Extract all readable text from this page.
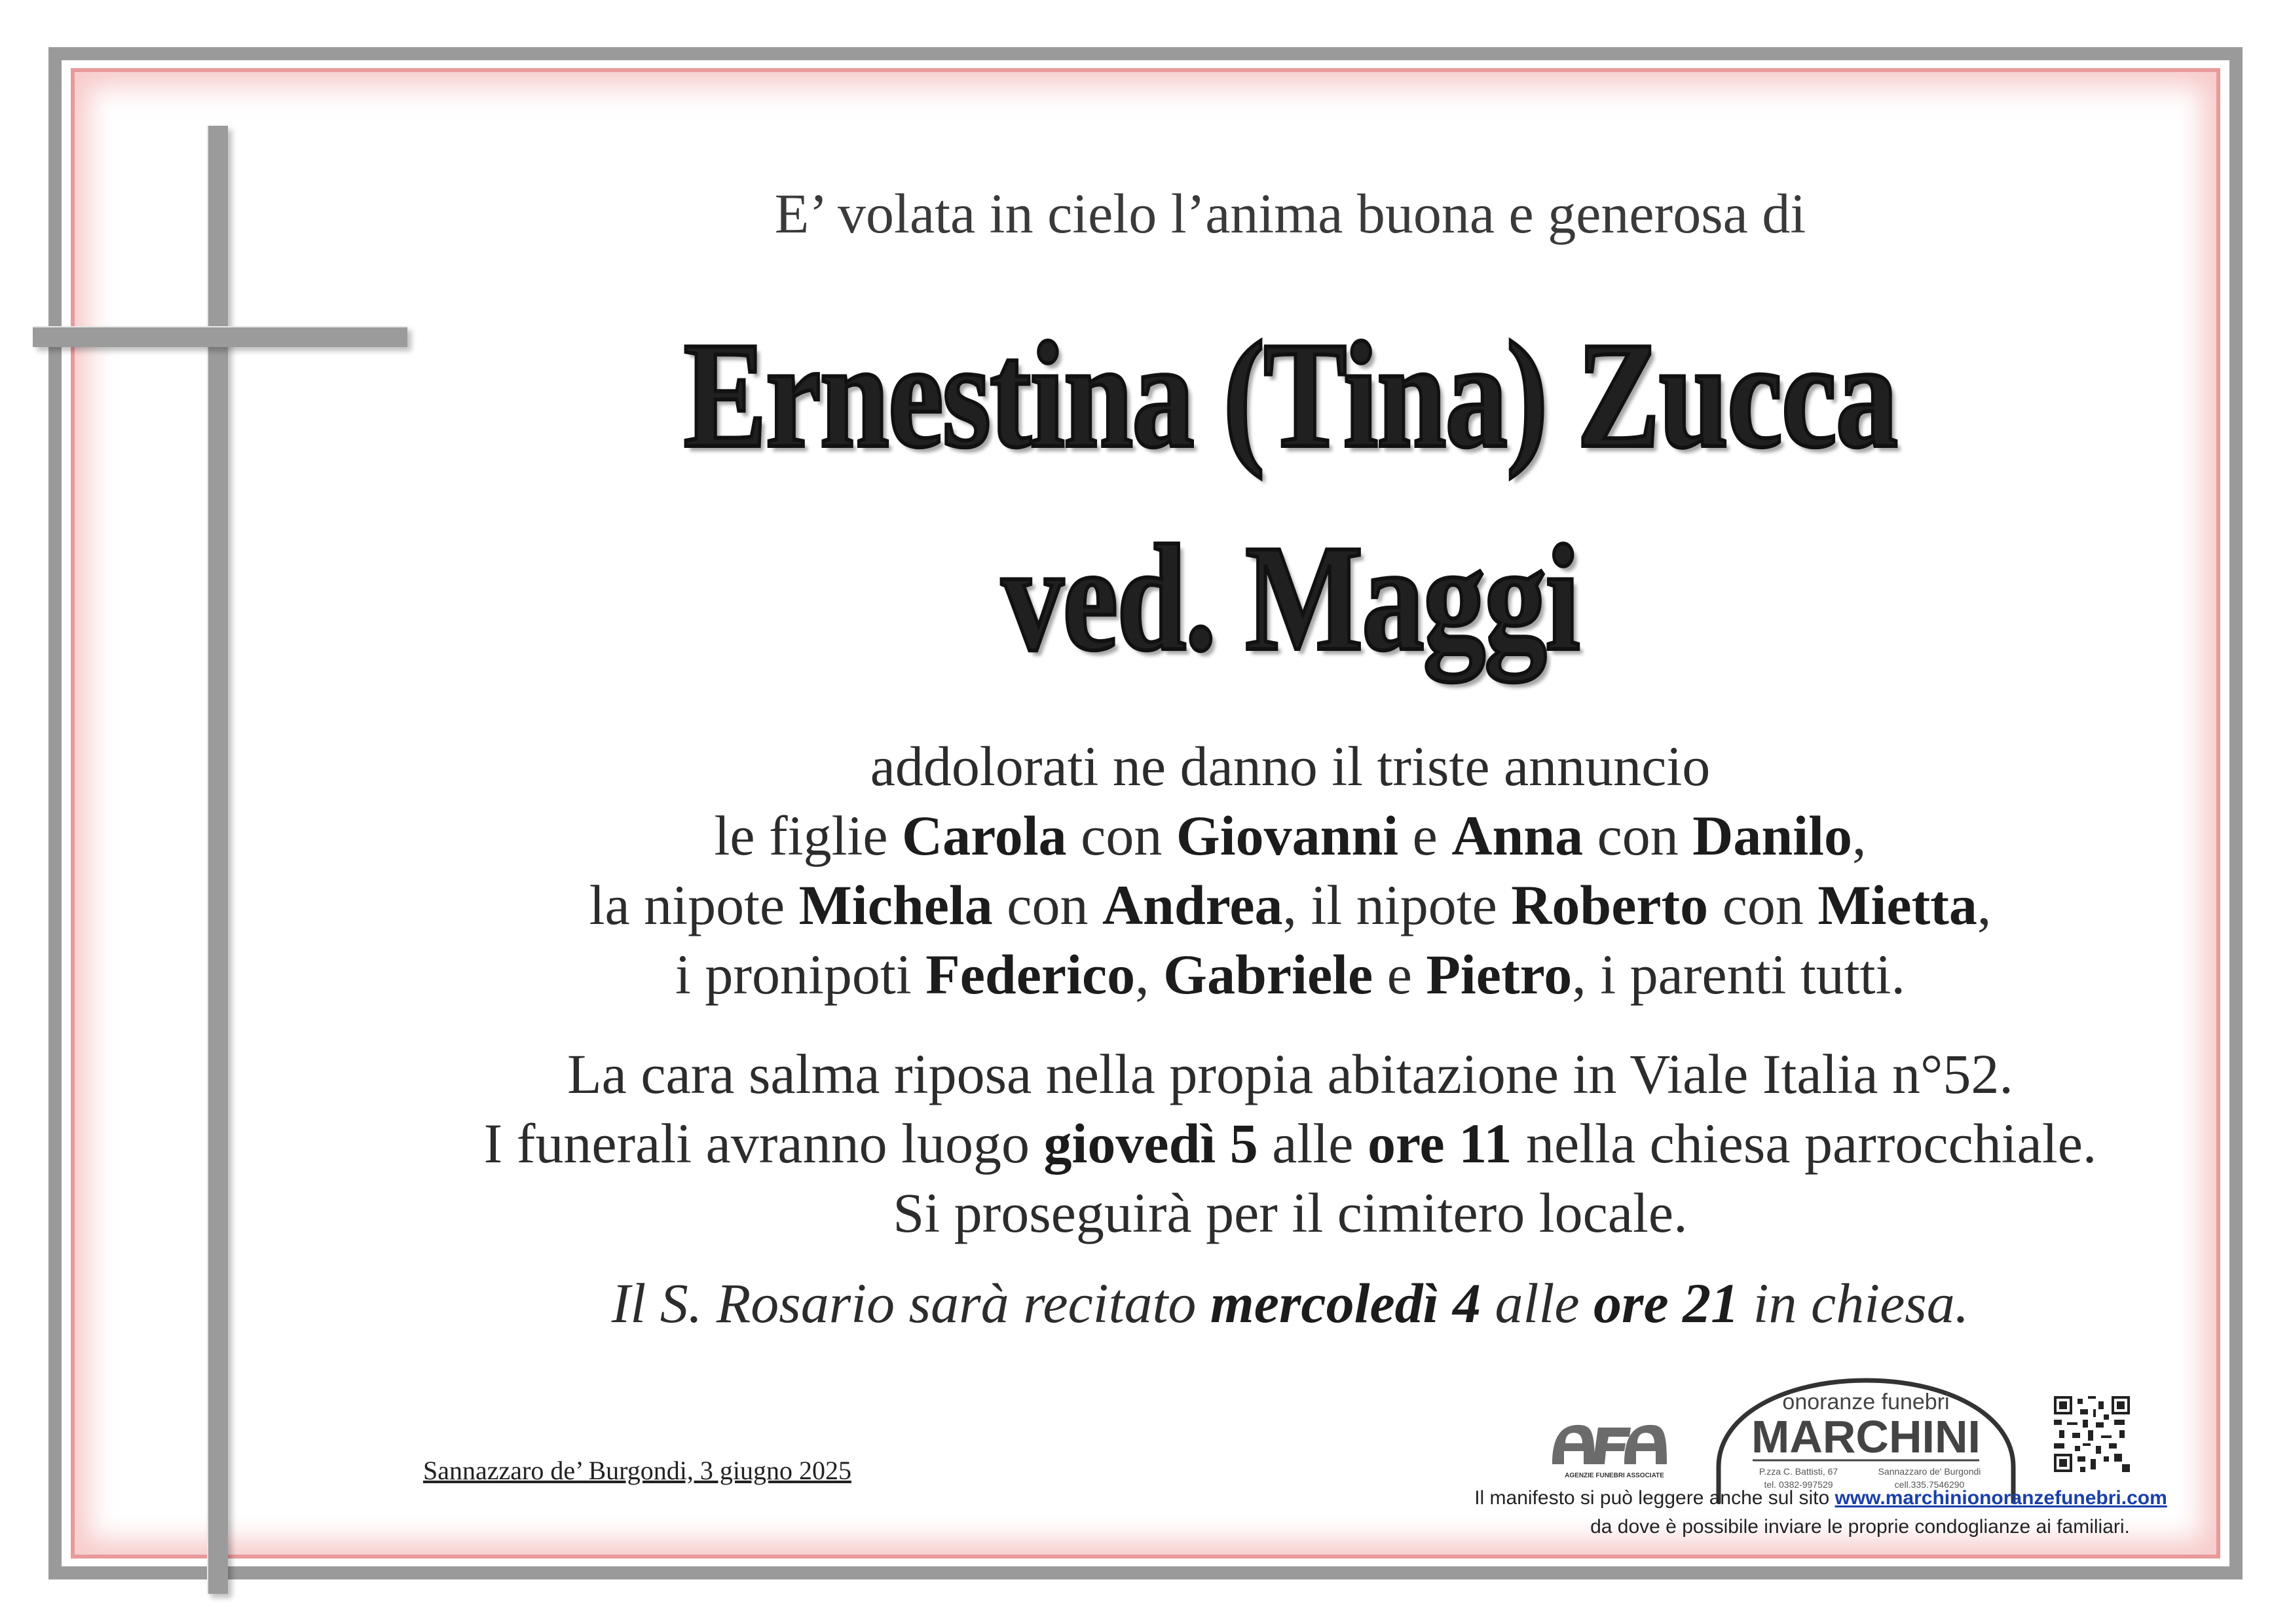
E’ volata in cielo l’anima buona e generosa di
Ernestina (Tina) Zucca
ved. Maggi
addolorati ne danno il triste annuncio
le figlie Carola con Giovanni e Anna con Danilo,
la nipote Michela con Andrea, il nipote Roberto con Mietta,
i pronipoti Federico, Gabriele e Pietro, i parenti tutti.
La cara salma riposa nella propia abitazione in Viale Italia n°52.
I funerali avranno luogo giovedì 5 alle ore 11 nella chiesa parrocchiale.
Si proseguirà per il cimitero locale.
Il S. Rosario sarà recitato mercoledì 4 alle ore 21 in chiesa.
Sannazzaro de’ Burgondi, 3 giugno 2025	AGENZIE FUNEBRI ASSOCIATE
onoranze funebri
MARCHINI
P.zza C. Battisti, 67	Sannazzaro de' Burgondi
tel. 0382-997529	cell.335.7546290
Il manifesto si può leggere anche sul sito www.marchinionoranzefunebri.com
da dove è possibile inviare le proprie condoglianze ai familiari.
